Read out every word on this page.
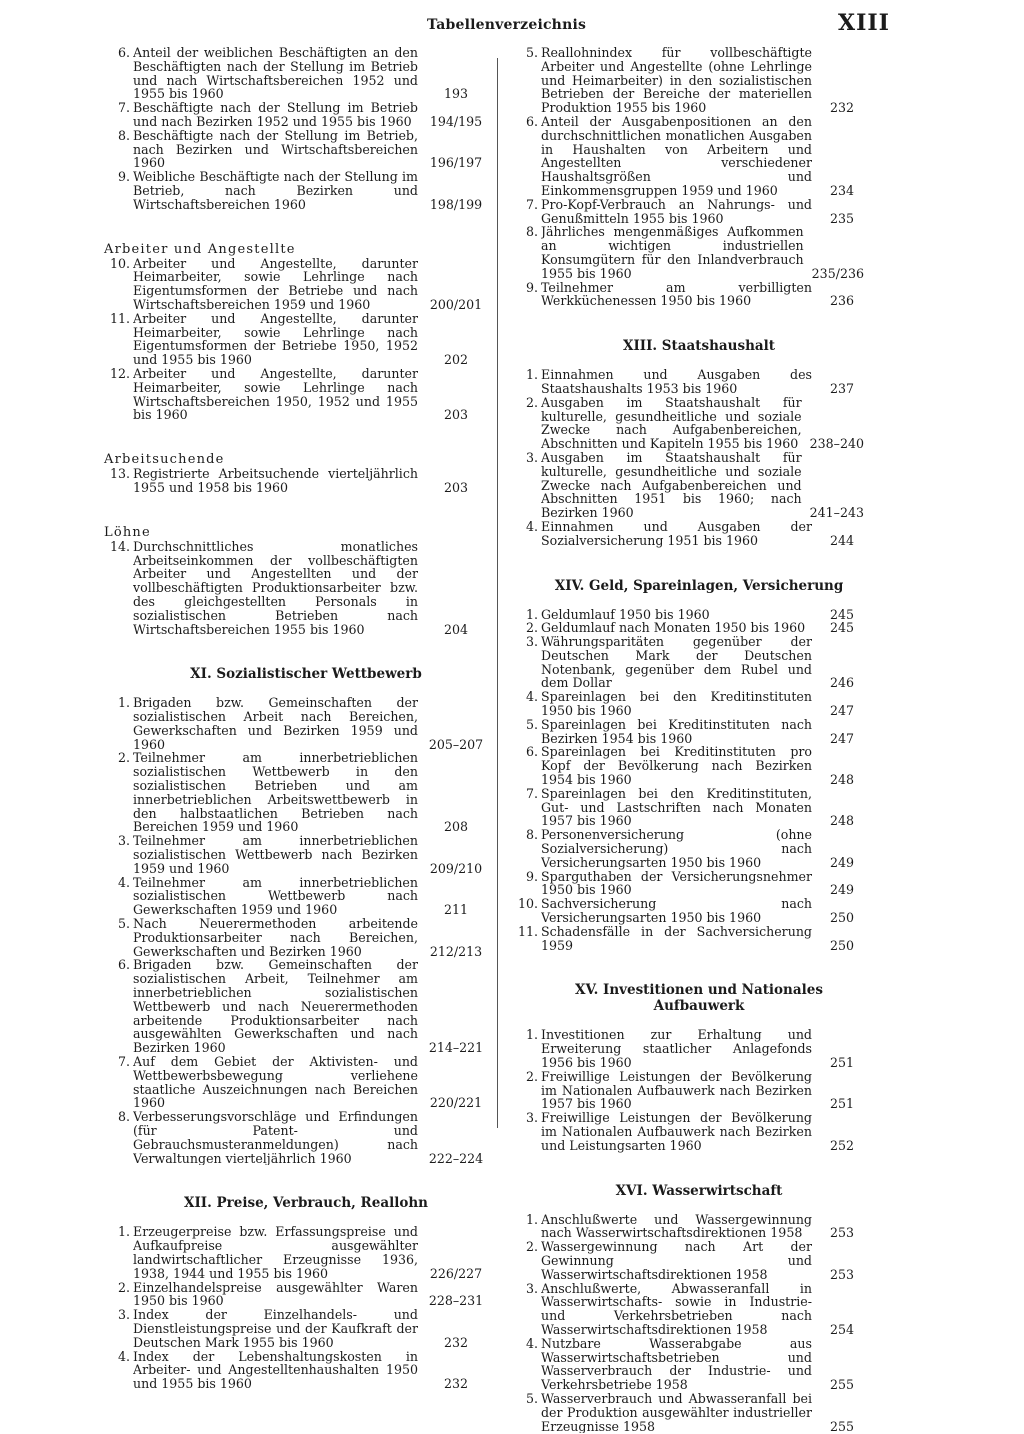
Tabellenverzeichnis	XIII
6. Anteil der weiblichen Beschäftigten an den Beschäftigten nach der Stellung im Betrieb und nach Wirtschaftsbereichen 1952 und 1955 bis 1960	193
7. Beschäftigte nach der Stellung im Betrieb und nach Bezirken 1952 und 1955 bis 1960	194/195
8. Beschäftigte nach der Stellung im Betrieb, nach Bezirken und Wirtschaftsbereichen 1960	196/197
9. Weibliche Beschäftigte nach der Stellung im Betrieb, nach Bezirken und Wirtschaftsbereichen 1960	198/199

Arbeiter und Angestellte

10. Arbeiter und Angestellte, darunter Heimarbeiter, sowie Lehrlinge nach Eigentumsformen der Betriebe und nach Wirtschaftsbereichen 1959 und 1960	200/201
11. Arbeiter und Angestellte, darunter Heimarbeiter, sowie Lehrlinge nach Eigentumsformen der Betriebe 1950, 1952 und 1955 bis 1960	202
12. Arbeiter und Angestellte, darunter Heimarbeiter, sowie Lehrlinge nach Wirtschaftsbereichen 1950, 1952 und 1955 bis 1960	203

Arbeitsuchende

13. Registrierte Arbeitsuchende vierteljährlich 1955 und 1958 bis 1960	203

Löhne

14. Durchschnittliches monatliches Arbeitseinkommen der vollbeschäftigten Arbeiter und Angestellten und der vollbeschäftigten Produktionsarbeiter bzw. des gleichgestellten Personals in sozialistischen Betrieben nach Wirtschaftsbereichen 1955 bis 1960	204

XI. Sozialistischer Wettbewerb

1. Brigaden bzw. Gemeinschaften der sozialistischen Arbeit nach Bereichen, Gewerkschaften und Bezirken 1959 und 1960	205–207
2. Teilnehmer am innerbetrieblichen sozialistischen Wettbewerb in den sozialistischen Betrieben und am innerbetrieblichen Arbeitswettbewerb in den halbstaatlichen Betrieben nach Bereichen 1959 und 1960	208
3. Teilnehmer am innerbetrieblichen sozialistischen Wettbewerb nach Bezirken 1959 und 1960	209/210
4. Teilnehmer am innerbetrieblichen sozialistischen Wettbewerb nach Gewerkschaften 1959 und 1960	211
5. Nach Neuerermethoden arbeitende Produktionsarbeiter nach Bereichen, Gewerkschaften und Bezirken 1960	212/213
6. Brigaden bzw. Gemeinschaften der sozialistischen Arbeit, Teilnehmer am innerbetrieblichen sozialistischen Wettbewerb und nach Neuerermethoden arbeitende Produktionsarbeiter nach ausgewählten Gewerkschaften und nach Bezirken 1960	214–221
7. Auf dem Gebiet der Aktivisten- und Wettbewerbsbewegung verliehene staatliche Auszeichnungen nach Bereichen 1960	220/221
8. Verbesserungsvorschläge und Erfindungen (für Patent- und Gebrauchsmusteranmeldungen) nach Verwaltungen vierteljährlich 1960	222–224

XII. Preise, Verbrauch, Reallohn

1. Erzeugerpreise bzw. Erfassungspreise und Aufkaufpreise ausgewählter landwirtschaftlicher Erzeugnisse 1936, 1938, 1944 und 1955 bis 1960	226/227
2. Einzelhandelspreise ausgewählter Waren 1950 bis 1960	228–231
3. Index der Einzelhandels- und Dienstleistungspreise und der Kaufkraft der Deutschen Mark 1955 bis 1960	232
4. Index der Lebenshaltungskosten in Arbeiter- und Angestelltenhaushalten 1950 und 1955 bis 1960	232
5. Reallohnindex für vollbeschäftigte Arbeiter und Angestellte (ohne Lehrlinge und Heimarbeiter) in den sozialistischen Betrieben der Bereiche der materiellen Produktion 1955 bis 1960	232
6. Anteil der Ausgabenpositionen an den durchschnittlichen monatlichen Ausgaben in Haushalten von Arbeitern und Angestellten verschiedener Haushaltsgrößen und Einkommensgruppen 1959 und 1960	234
7. Pro-Kopf-Verbrauch an Nahrungs- und Genußmitteln 1955 bis 1960	235
8. Jährliches mengenmäßiges Aufkommen an wichtigen industriellen Konsumgütern für den Inlandverbrauch 1955 bis 1960	235/236
9. Teilnehmer am verbilligten Werkküchenessen 1950 bis 1960	236

XIII. Staatshaushalt

1. Einnahmen und Ausgaben des Staatshaushalts 1953 bis 1960	237
2. Ausgaben im Staatshaushalt für kulturelle, gesundheitliche und soziale Zwecke nach Aufgabenbereichen, Abschnitten und Kapiteln 1955 bis 1960 238–240
3. Ausgaben im Staatshaushalt für kulturelle, gesundheitliche und soziale Zwecke nach Aufgabenbereichen und Abschnitten 1951 bis 1960; nach Bezirken 1960	241–243
4. Einnahmen und Ausgaben der Sozialversicherung 1951 bis 1960	244

XIV. Geld, Spareinlagen, Versicherung

1. Geldumlauf 1950 bis 1960	245
2. Geldumlauf nach Monaten 1950 bis 1960	245
3. Währungsparitäten gegenüber der Deutschen Mark der Deutschen Notenbank, gegenüber dem Rubel und dem Dollar	246
4. Spareinlagen bei den Kreditinstituten 1950 bis 1960	247
5. Spareinlagen bei Kreditinstituten nach Bezirken 1954 bis 1960	247
6. Spareinlagen bei Kreditinstituten pro Kopf der Bevölkerung nach Bezirken 1954 bis 1960	248
7. Spareinlagen bei den Kreditinstituten, Gut- und Lastschriften nach Monaten 1957 bis 1960	248
8. Personenversicherung (ohne Sozialversicherung) nach Versicherungsarten 1950 bis 1960	249
9. Sparguthaben der Versicherungsnehmer 1950 bis 1960	249
10. Sachversicherung nach Versicherungsarten 1950 bis 1960	250
11. Schadensfälle in der Sachversicherung 1959	250

XV. Investitionen und Nationales Aufbauwerk

1. Investitionen zur Erhaltung und Erweiterung staatlicher Anlagefonds 1956 bis 1960	251
2. Freiwillige Leistungen der Bevölkerung im Nationalen Aufbauwerk nach Bezirken 1957 bis 1960	251
3. Freiwillige Leistungen der Bevölkerung im Nationalen Aufbauwerk nach Bezirken und Leistungsarten 1960	252

XVI. Wasserwirtschaft

1. Anschlußwerte und Wassergewinnung nach Wasserwirtschaftsdirektionen 1958	253
2. Wassergewinnung nach Art der Gewinnung und Wasserwirtschaftsdirektionen 1958	253
3. Anschlußwerte, Abwasseranfall in Wasserwirtschafts- sowie in Industrie- und Verkehrsbetrieben nach Wasserwirtschaftsdirektionen 1958	254
4. Nutzbare Wasserabgabe aus Wasserwirtschaftsbetrieben und Wasserverbrauch der Industrie- und Verkehrsbetriebe 1958	255
5. Wasserverbrauch und Abwasseranfall bei der Produktion ausgewählter industrieller Erzeugnisse 1958	255
